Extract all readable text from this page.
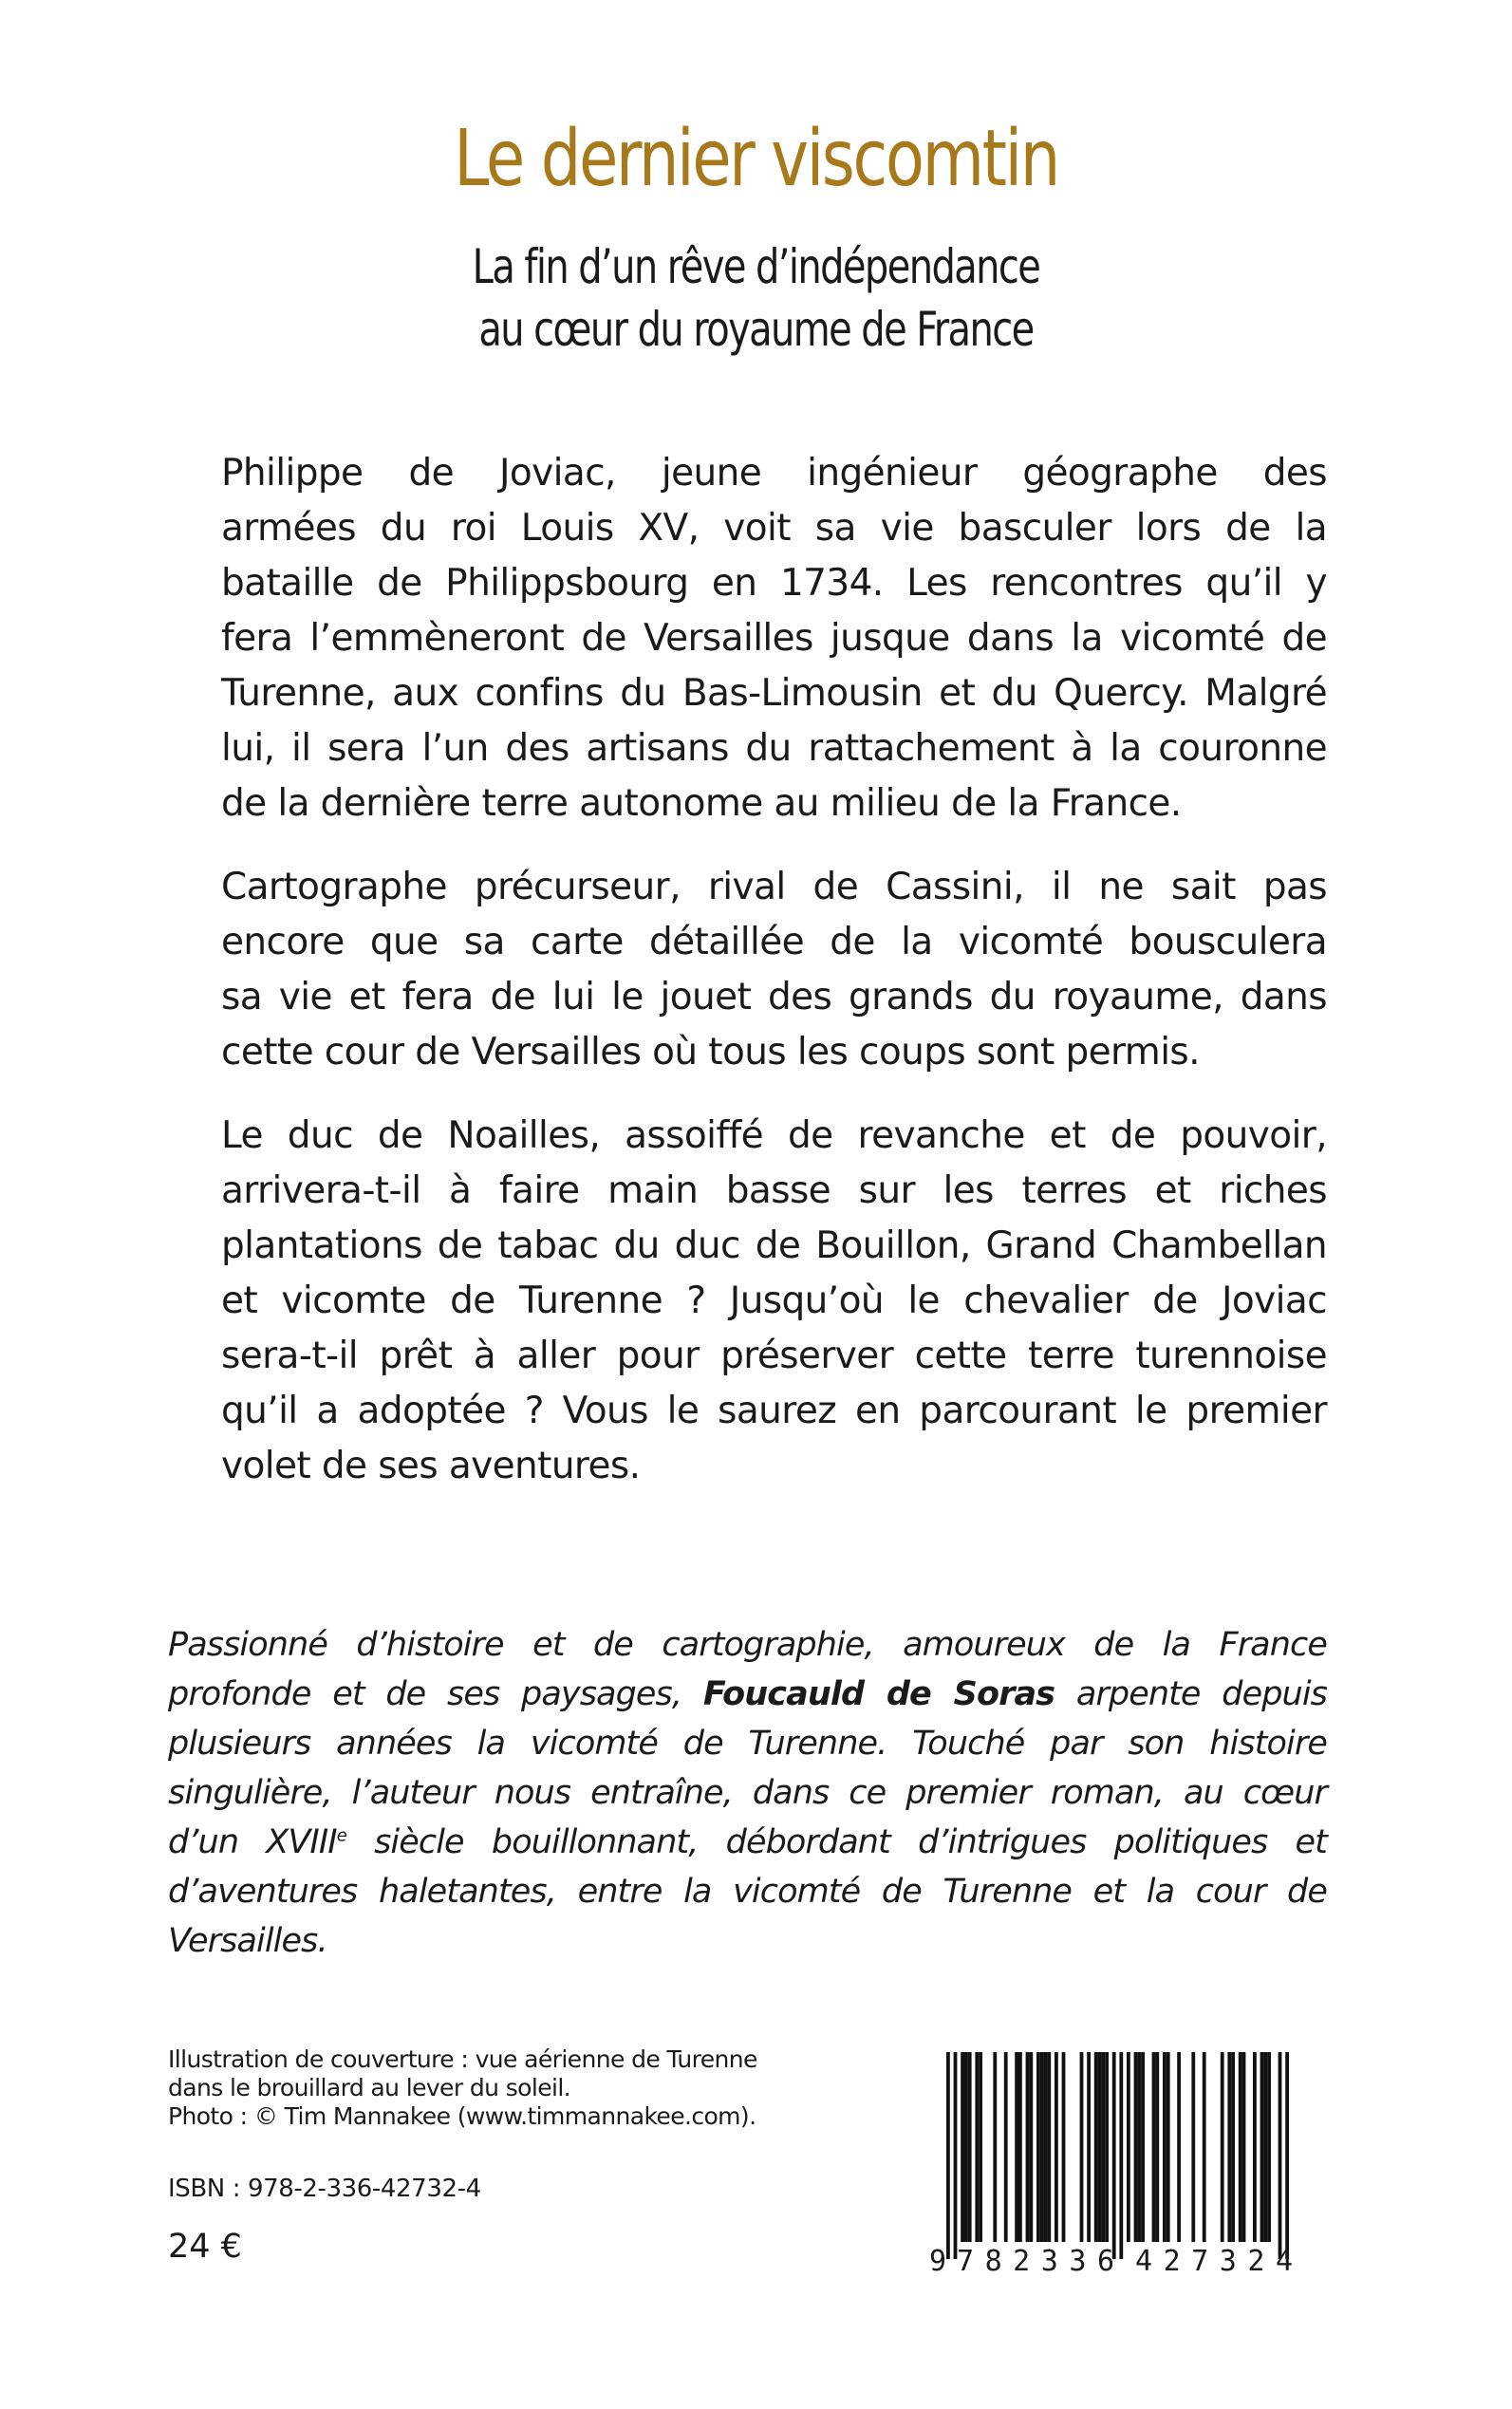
Le dernier viscomtin
La fin d’un rêve d’indépendance
au cœur du royaume de France

Philippe de Joviac, jeune ingénieur géographe des
armées du roi Louis XV, voit sa vie basculer lors de la
bataille de Philippsbourg en 1734. Les rencontres qu’il y
fera l’emmèneront de Versailles jusque dans la vicomté de
Turenne, aux confins du Bas-Limousin et du Quercy. Malgré
lui, il sera l’un des artisans du rattachement à la couronne
de la dernière terre autonome au milieu de la France.

Cartographe précurseur, rival de Cassini, il ne sait pas
encore que sa carte détaillée de la vicomté bousculera
sa vie et fera de lui le jouet des grands du royaume, dans
cette cour de Versailles où tous les coups sont permis.

Le duc de Noailles, assoiffé de revanche et de pouvoir,
arrivera-t-il à faire main basse sur les terres et riches
plantations de tabac du duc de Bouillon, Grand Chambellan
et vicomte de Turenne ? Jusqu’où le chevalier de Joviac
sera-t-il prêt à aller pour préserver cette terre turennoise
qu’il a adoptée ? Vous le saurez en parcourant le premier
volet de ses aventures.

Passionné d’histoire et de cartographie, amoureux de la France
profonde et de ses paysages, Foucauld de Soras arpente depuis
plusieurs années la vicomté de Turenne. Touché par son histoire
singulière, l’auteur nous entraîne, dans ce premier roman, au cœur
d’un XVIIIe siècle bouillonnant, débordant d’intrigues politiques et
d’aventures haletantes, entre la vicomté de Turenne et la cour de
Versailles.
Illustration de couverture : vue aérienne de Turenne
dans le brouillard au lever du soleil.
Photo : © Tim Mannakee (www.timmannakee.com).
ISBN : 978-2-336-42732-4
24 €	9 782336 427324
